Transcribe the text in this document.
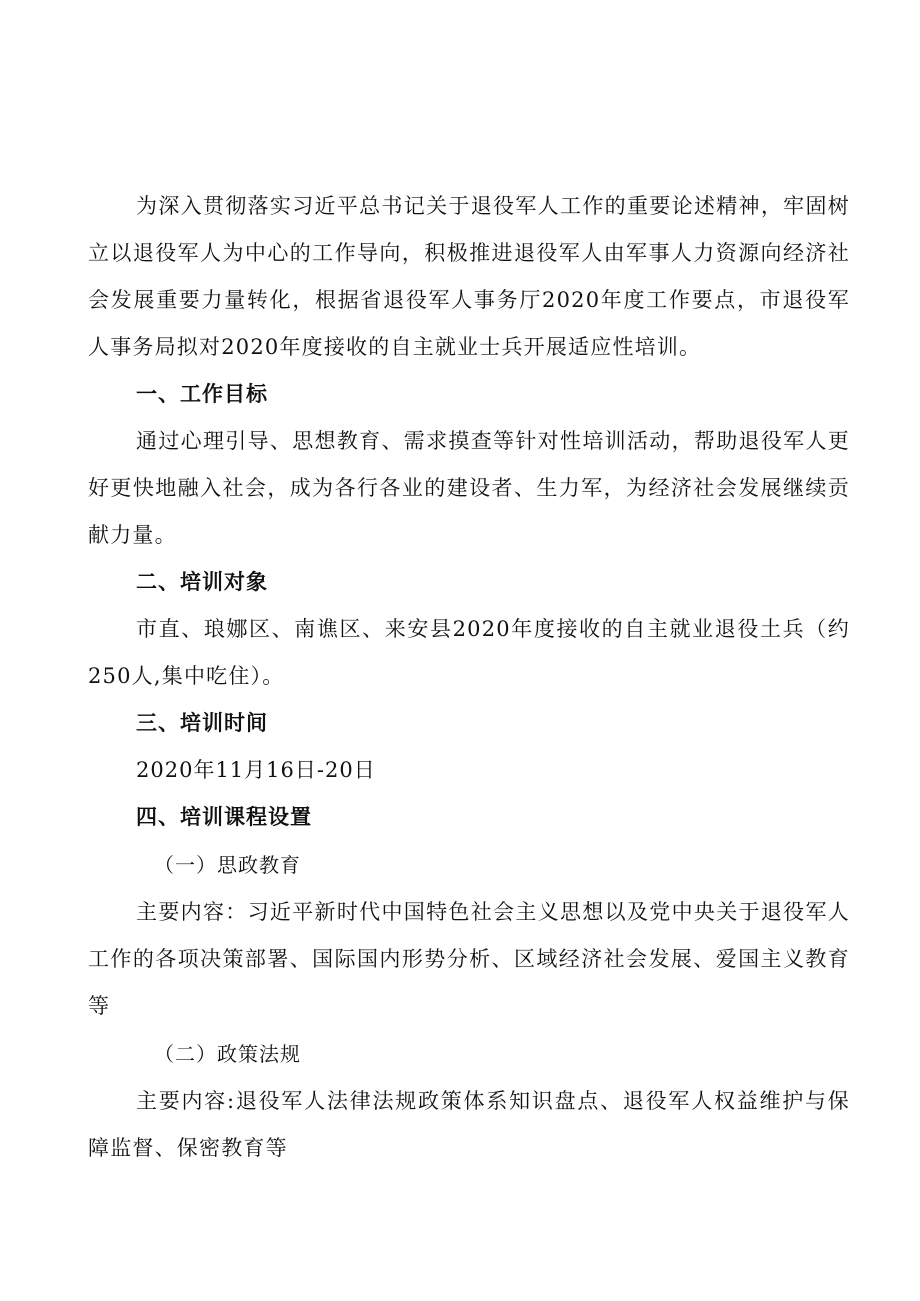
为深入贯彻落实习近平总书记关于退役军人工作的重要论述精神，牢固树立以退役军人为中心的工作导向，积极推进退役军人由军事人力资源向经济社会发展重要力量转化，根据省退役军人事务厅2020年度工作要点，市退役军人事务局拟对2020年度接收的自主就业士兵开展适应性培训。

一、工作目标

通过心理引导、思想教育、需求摸查等针对性培训活动，帮助退役军人更好更快地融入社会，成为各行各业的建设者、生力军，为经济社会发展继续贡献力量。

二、培训对象

市直、琅娜区、南谯区、来安县2020年度接收的自主就业退役土兵（约250人,集中吃住）。

三、培训时间

2020年11月16日-20日

四、培训课程设置

（一）思政教育

主要内容：习近平新时代中国特色社会主义思想以及党中央关于退役军人工作的各项决策部署、国际国内形势分析、区域经济社会发展、爱国主义教育等

（二）政策法规

主要内容:退役军人法律法规政策体系知识盘点、退役军人权益维护与保障监督、保密教育等
